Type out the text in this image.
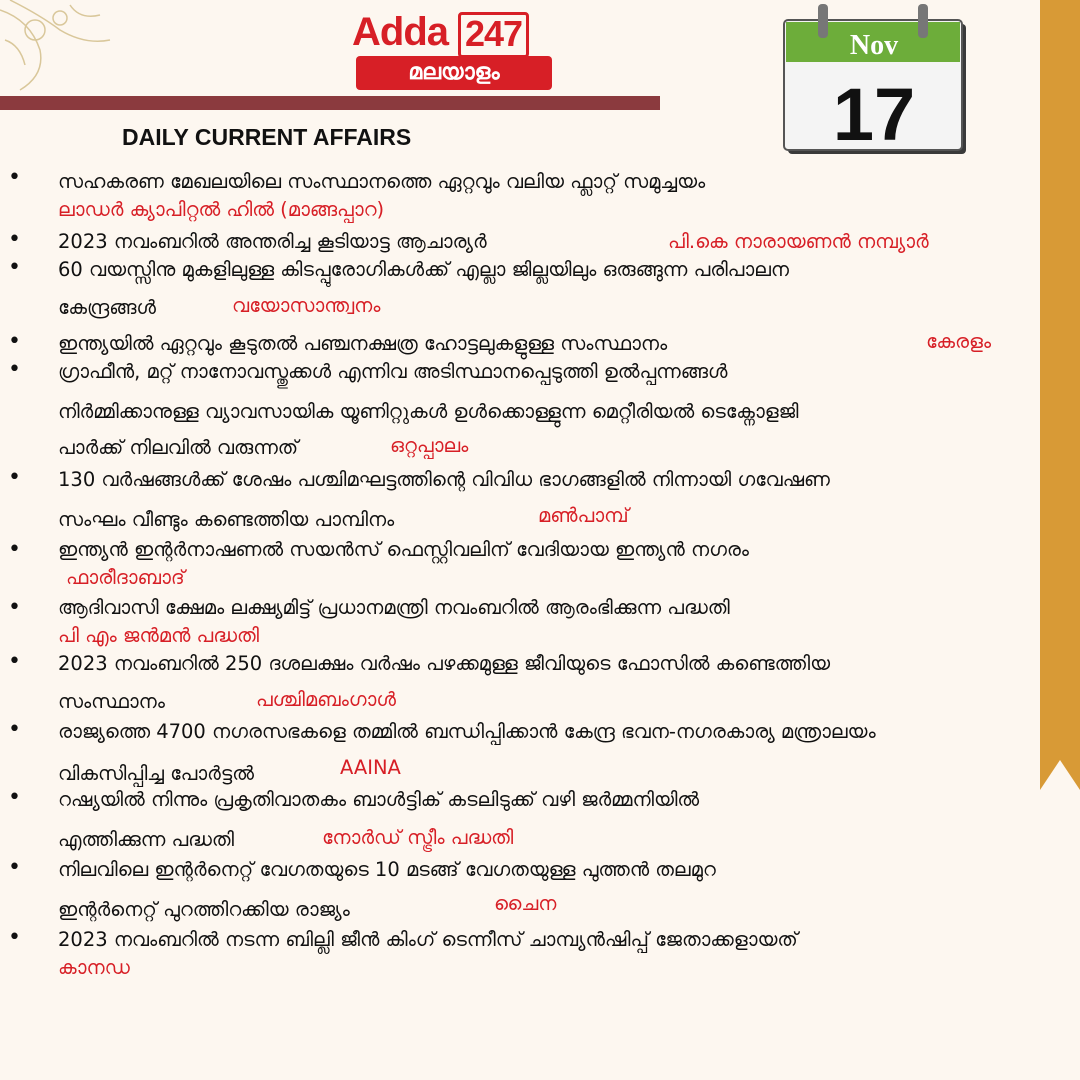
Adda 247
മലയാളം
Nov
17
DAILY CURRENT AFFAIRS
• സഹകരണ മേഖലയിലെ സംസ്ഥാനത്തെ ഏറ്റവും വലിയ ഫ്ലാറ്റ് സമുച്ചയം
ലാഡർ ക്യാപിറ്റൽ ഹിൽ (മാങ്ങപ്പാറ)
• 2023 നവംബറിൽ അന്തരിച്ച കൂടിയാട്ട ആചാര്യർ	പി.കെ നാരായണൻ നമ്പ്യാർ
• 60 വയസ്സിനു മുകളിലുള്ള കിടപ്പുരോഗികൾക്ക് എല്ലാ ജില്ലയിലും ഒരുങ്ങുന്ന പരിപാലന
കേന്ദ്രങ്ങൾ	വയോസാന്ത്വനം
• ഇന്ത്യയിൽ ഏറ്റവും കൂടുതൽ പഞ്ചനക്ഷത്ര ഹോട്ടലുകളുള്ള സംസ്ഥാനം	കേരളം
• ഗ്രാഫീൻ, മറ്റ് നാനോവസ്തുക്കൾ എന്നിവ അടിസ്ഥാനപ്പെടുത്തി ഉൽപ്പന്നങ്ങൾ
നിർമ്മിക്കാനുള്ള വ്യാവസായിക യൂണിറ്റുകൾ ഉൾക്കൊള്ളുന്ന മെറ്റീരിയൽ ടെക്നോളജി
പാർക്ക് നിലവിൽ വരുന്നത്	ഒറ്റപ്പാലം
• 130 വർഷങ്ങൾക്ക് ശേഷം പശ്ചിമഘട്ടത്തിന്റെ വിവിധ ഭാഗങ്ങളിൽ നിന്നായി ഗവേഷണ
സംഘം വീണ്ടും കണ്ടെത്തിയ പാമ്പിനം	മൺപാമ്പ്
• ഇന്ത്യൻ ഇന്റർനാഷണൽ സയൻസ് ഫെസ്റ്റിവലിന് വേദിയായ ഇന്ത്യൻ നഗരം
ഫാരീദാബാദ്
• ആദിവാസി ക്ഷേമം ലക്ഷ്യമിട്ട് പ്രധാനമന്ത്രി നവംബറിൽ ആരംഭിക്കുന്ന പദ്ധതി
പി എം ജൻമൻ പദ്ധതി
• 2023 നവംബറിൽ 250 ദശലക്ഷം വർഷം പഴക്കമുള്ള ജീവിയുടെ ഫോസിൽ കണ്ടെത്തിയ
സംസ്ഥാനം	പശ്ചിമബംഗാൾ
• രാജ്യത്തെ 4700 നഗരസഭകളെ തമ്മിൽ ബന്ധിപ്പിക്കാൻ കേന്ദ്ര ഭവന-നഗരകാര്യ മന്ത്രാലയം
വികസിപ്പിച്ച പോർട്ടൽ	AAINA
• റഷ്യയിൽ നിന്നും പ്രകൃതിവാതകം ബാൾട്ടിക് കടലിടുക്ക് വഴി ജർമ്മനിയിൽ
എത്തിക്കുന്ന പദ്ധതി	നോർഡ് സ്ട്രീം പദ്ധതി
• നിലവിലെ ഇന്റർനെറ്റ് വേഗതയുടെ 10 മടങ്ങ് വേഗതയുള്ള പുത്തൻ തലമുറ
ഇന്റർനെറ്റ് പുറത്തിറക്കിയ രാജ്യം	ചൈന
• 2023 നവംബറിൽ നടന്ന ബില്ലി ജീൻ കിംഗ് ടെന്നീസ് ചാമ്പ്യൻഷിപ്പ് ജേതാക്കളായത്
കാനഡ
